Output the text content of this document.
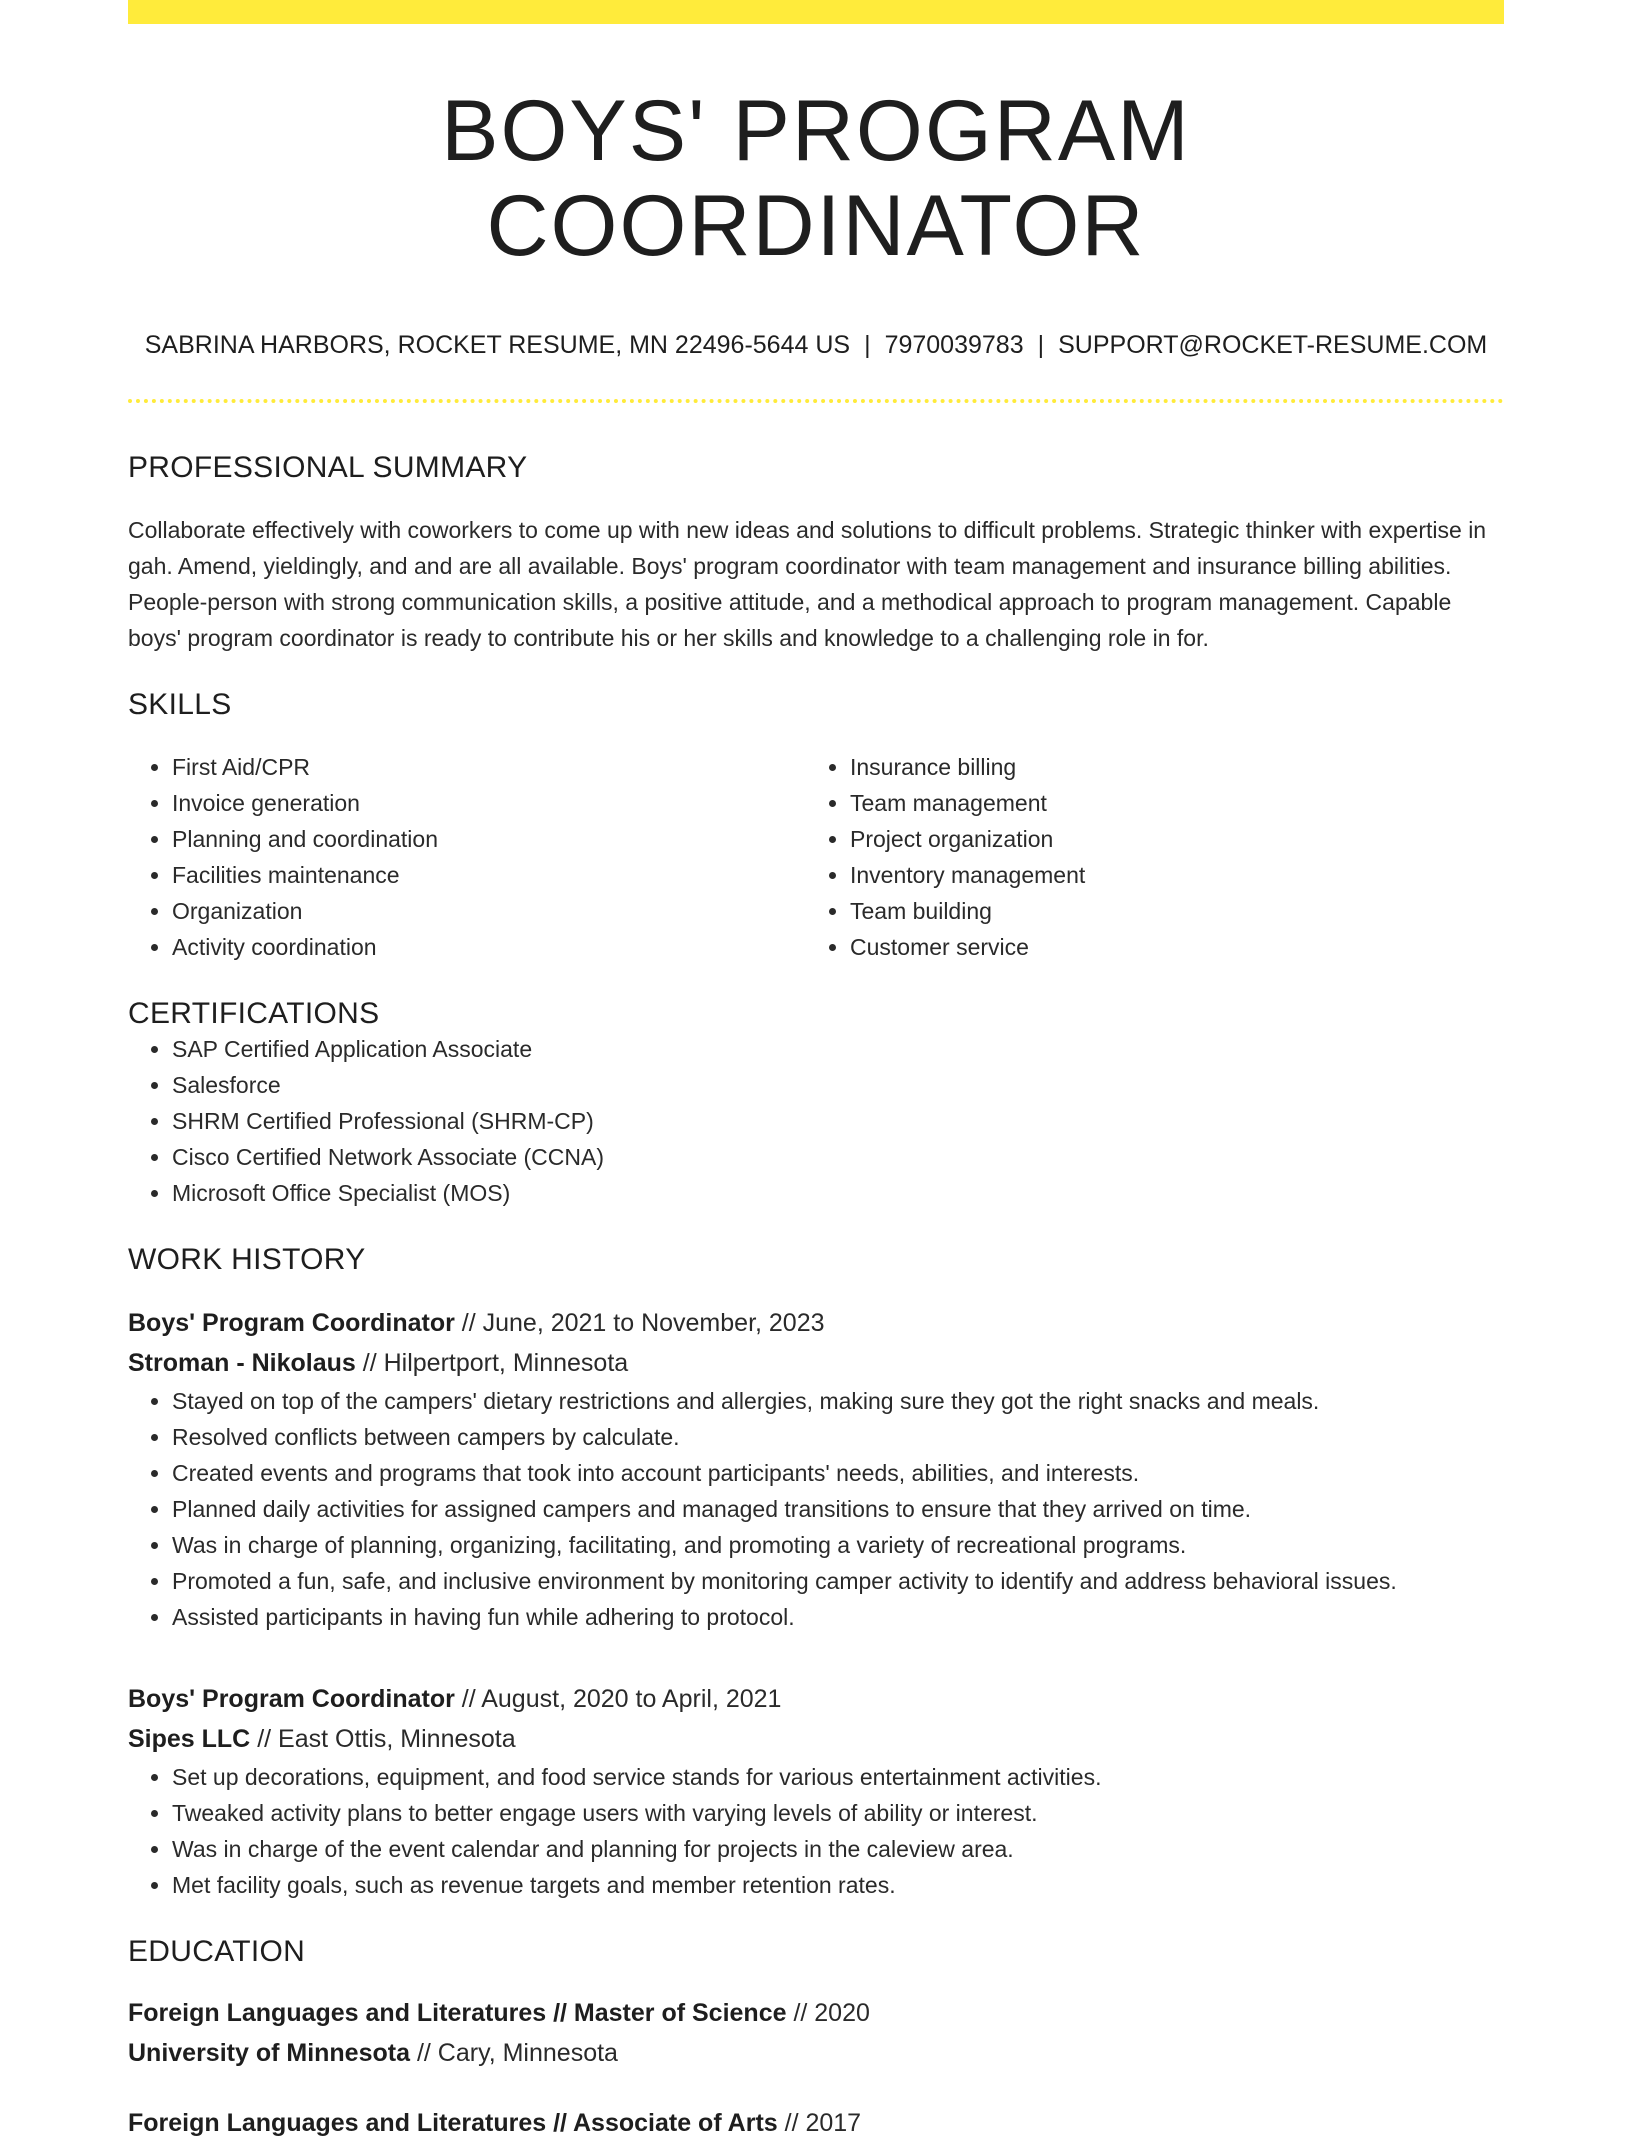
BOYS' PROGRAM COORDINATOR
SABRINA HARBORS, ROCKET RESUME, MN 22496-5644 US | 7970039783 | SUPPORT@ROCKET-RESUME.COM
PROFESSIONAL SUMMARY

Collaborate effectively with coworkers to come up with new ideas and solutions to difficult problems. Strategic thinker with expertise in gah. Amend, yieldingly, and and are all available. Boys' program coordinator with team management and insurance billing abilities. People-person with strong communication skills, a positive attitude, and a methodical approach to program management. Capable boys' program coordinator is ready to contribute his or her skills and knowledge to a challenging role in for.

SKILLS
• First Aid/CPR
• Invoice generation
• Planning and coordination
• Facilities maintenance
• Organization
• Activity coordination
• Insurance billing
• Team management
• Project organization
• Inventory management
• Team building
• Customer service
CERTIFICATIONS
• SAP Certified Application Associate
• Salesforce
• SHRM Certified Professional (SHRM-CP)
• Cisco Certified Network Associate (CCNA)
• Microsoft Office Specialist (MOS)
WORK HISTORY
Boys' Program Coordinator // June, 2021 to November, 2023
Stroman - Nikolaus // Hilpertport, Minnesota
• Stayed on top of the campers' dietary restrictions and allergies, making sure they got the right snacks and meals.
• Resolved conflicts between campers by calculate.
• Created events and programs that took into account participants' needs, abilities, and interests.
• Planned daily activities for assigned campers and managed transitions to ensure that they arrived on time.
• Was in charge of planning, organizing, facilitating, and promoting a variety of recreational programs.
• Promoted a fun, safe, and inclusive environment by monitoring camper activity to identify and address behavioral issues.
• Assisted participants in having fun while adhering to protocol.
Boys' Program Coordinator // August, 2020 to April, 2021
Sipes LLC // East Ottis, Minnesota
• Set up decorations, equipment, and food service stands for various entertainment activities.
• Tweaked activity plans to better engage users with varying levels of ability or interest.
• Was in charge of the event calendar and planning for projects in the caleview area.
• Met facility goals, such as revenue targets and member retention rates.
EDUCATION
Foreign Languages and Literatures // Master of Science // 2020
University of Minnesota // Cary, Minnesota
Foreign Languages and Literatures // Associate of Arts // 2017
